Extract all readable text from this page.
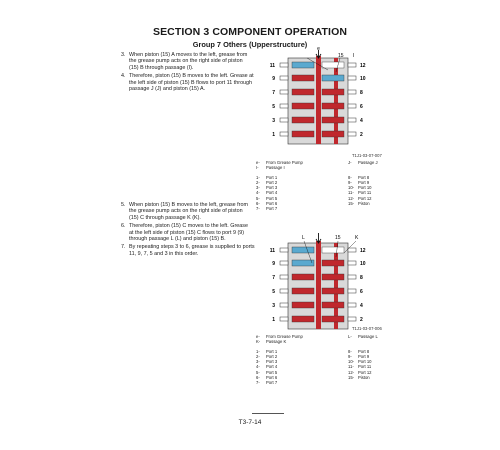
SECTION 3 COMPONENT OPERATION
Group 7 Others (Upperstructure)
3. When piston (15) A moves to the left, grease from
the grease pump acts on the right side of piston
(15) B through passage (I).
4. Therefore, piston (15) B moves to the left. Grease at
the left side of piston (15) B flows to port 11 through
passage J (J) and piston (15) A.
e
15 I
11
9
7
5
3
1
12
10
8
6
4
2
T1J1-03-07-007
e-	From Grease Pump	J-	Passage J
I-	Passage I
1-	Port 1	8-	Port 8
2-	Port 2	9-	Port 9
3-	Port 3	10- Port 10
4-	Port 4	11-	Port 11
5-	Port 5	12- Port 12
6-	Port 6	15- Piston
7-	Port 7
5. When piston (15) B moves to the left, grease from
the grease pump acts on the right side of piston
(15) C through passage K (K).
6. Therefore, piston (15) C moves to the left. Grease
at the left side of piston (15) C flows to port 9 (9)
through passage L (L) and piston (15) B.
7. By repeating steps 3 to 6, grease is supplied to ports
11, 9, 7, 5 and 3 in this order.
L	15	K
11
9
7
5
3
1
12
10
8
6
4
2
T1J1-03-07-006
e-	From Grease Pump	L-	Passage L
K-	Passage K
1-	Port 1	8-	Port 8
2-	Port 2	9-	Port 9
3-	Port 3	10- Port 10
4-	Port 4	11-	Port 11
5-	Port 5	12- Port 12
6-	Port 6	15- Piston
7-	Port 7
T3-7-14
